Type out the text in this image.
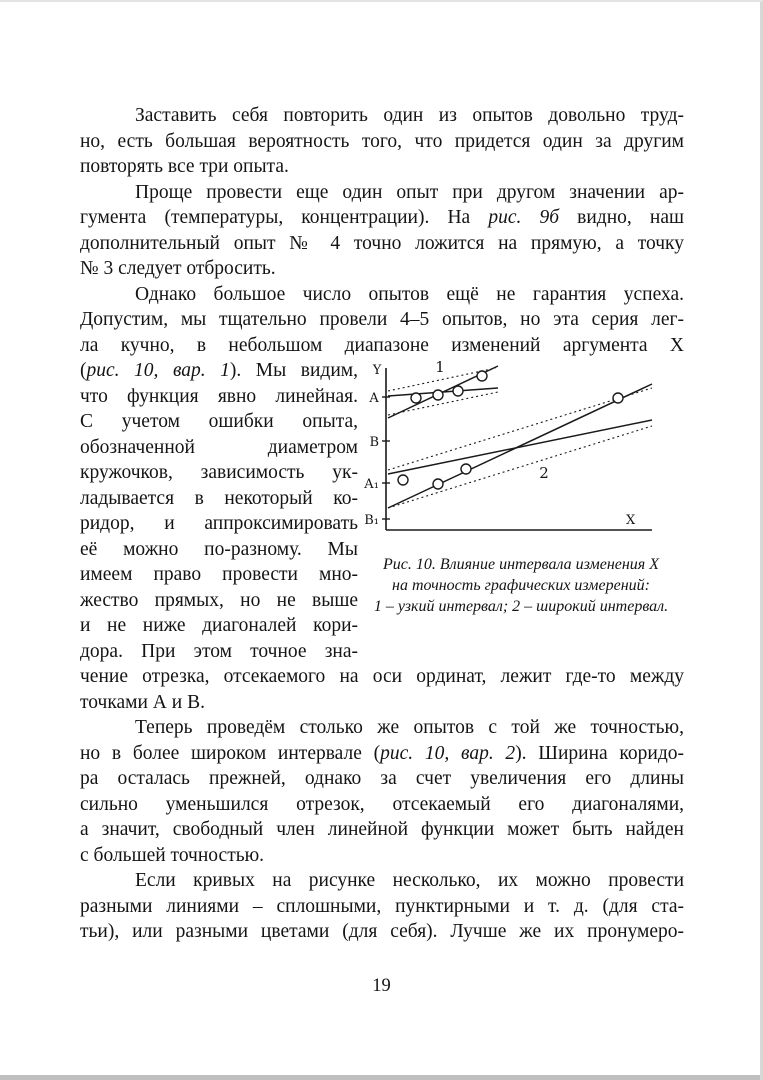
Заставить себя повторить один из опытов довольно труд-
но, есть большая вероятность того, что придется один за другим
повторять все три опыта.
Проще провести еще один опыт при другом значении ар-
гумента (температуры, концентрации). На рис. 9б видно, наш
дополнительный опыт № 4 точно ложится на прямую, а точку
№ 3 следует отбросить.
Однако большое число опытов ещё не гарантия успеха.
Допустим, мы тщательно провели 4–5 опытов, но эта серия лег-
ла кучно, в небольшом диапазоне изменений аргумента X
(рис. 10, вар. 1). Мы видим,
что функция явно линейная.
С учетом ошибки опыта,
обозначенной диаметром
кружочков, зависимость ук-
ладывается в некоторый ко-
ридор, и аппроксимировать
её можно по-разному. Мы
имеем право провести мно-
жество прямых, но не выше
и не ниже диагоналей кори-
дора. При этом точное зна-
Y
А
В
А₁
В₁	X
1
2
Рис. 10. Влияние интервала изменения X
на точность графических измерений:
1 – узкий интервал; 2 – широкий интервал.
чение отрезка, отсекаемого на оси ординат, лежит где-то между
точками А и В.
Теперь проведём столько же опытов с той же точностью,
но в более широком интервале (рис. 10, вар. 2). Ширина коридо-
ра осталась прежней, однако за счет увеличения его длины
сильно уменьшился отрезок, отсекаемый его диагоналями,
а значит, свободный член линейной функции может быть найден
с большей точностью.
Если кривых на рисунке несколько, их можно провести
разными линиями – сплошными, пунктирными и т. д. (для ста-
тьи), или разными цветами (для себя). Лучше же их пронумеро-
19
